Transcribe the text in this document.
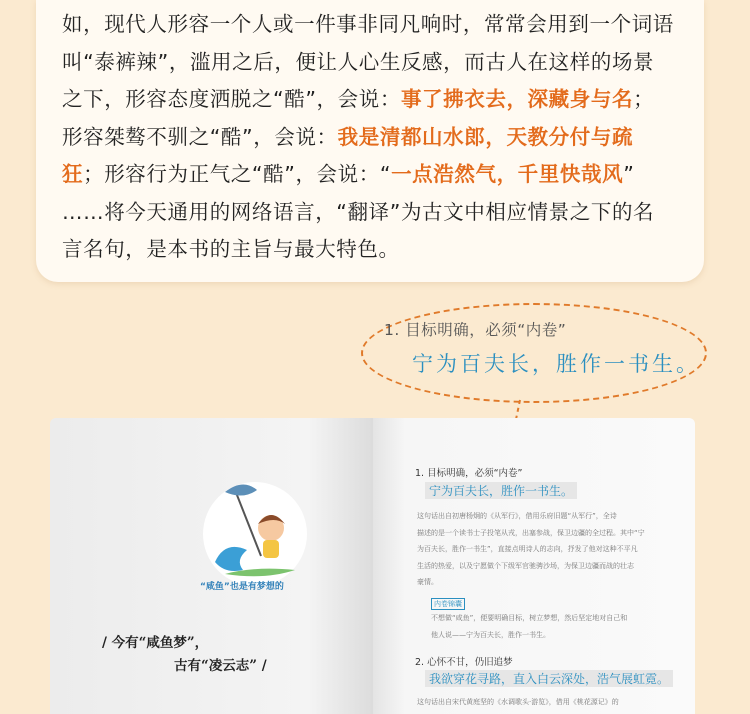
如，现代人形容一个人或一件事非同凡响时，常常会用到一个词语
叫“泰裤辣”，滥用之后，便让人心生反感，而古人在这样的场景
之下，形容态度洒脱之“酷”，会说：事了拂衣去，深藏身与名；
形容桀骜不驯之“酷”，会说：我是清都山水郎，天教分付与疏
狂；形容行为正气之“酷”，会说：“一点浩然气，千里快哉风”
……将今天通用的网络语言，“翻译”为古文中相应情景之下的名
言名句，是本书的主旨与最大特色。
1. 目标明确，必须“内卷”
宁为百夫长，胜作一书生。
“咸鱼”也是有梦想的
/ 今有“咸鱼梦”，
古有“凌云志” /
1. 目标明确，必须“内卷”
宁为百夫长，胜作一书生。
这句话出自初唐杨炯的《从军行》，借用乐府旧题“从军行”，全诗
描述的是一个读书士子投笔从戎，出塞参战，保卫边疆的全过程。其中“宁
为百夫长，胜作一书生”，直接点明诗人的志向，抒发了他对这种不平凡
生活的热爱，以及宁愿做个下级军官驰骋沙场，为保卫边疆而战的壮志
豪情。
内卷锦囊
不想做“咸鱼”，便要明确目标，树立梦想，然后坚定地对自己和
他人说——宁为百夫长，胜作一书生。
2. 心怀不甘，仍旧追梦
我欲穿花寻路，直入白云深处，浩气展虹霓。
这句话出自宋代黄庭坚的《水调歌头·游览》，借用《桃花源记》的
